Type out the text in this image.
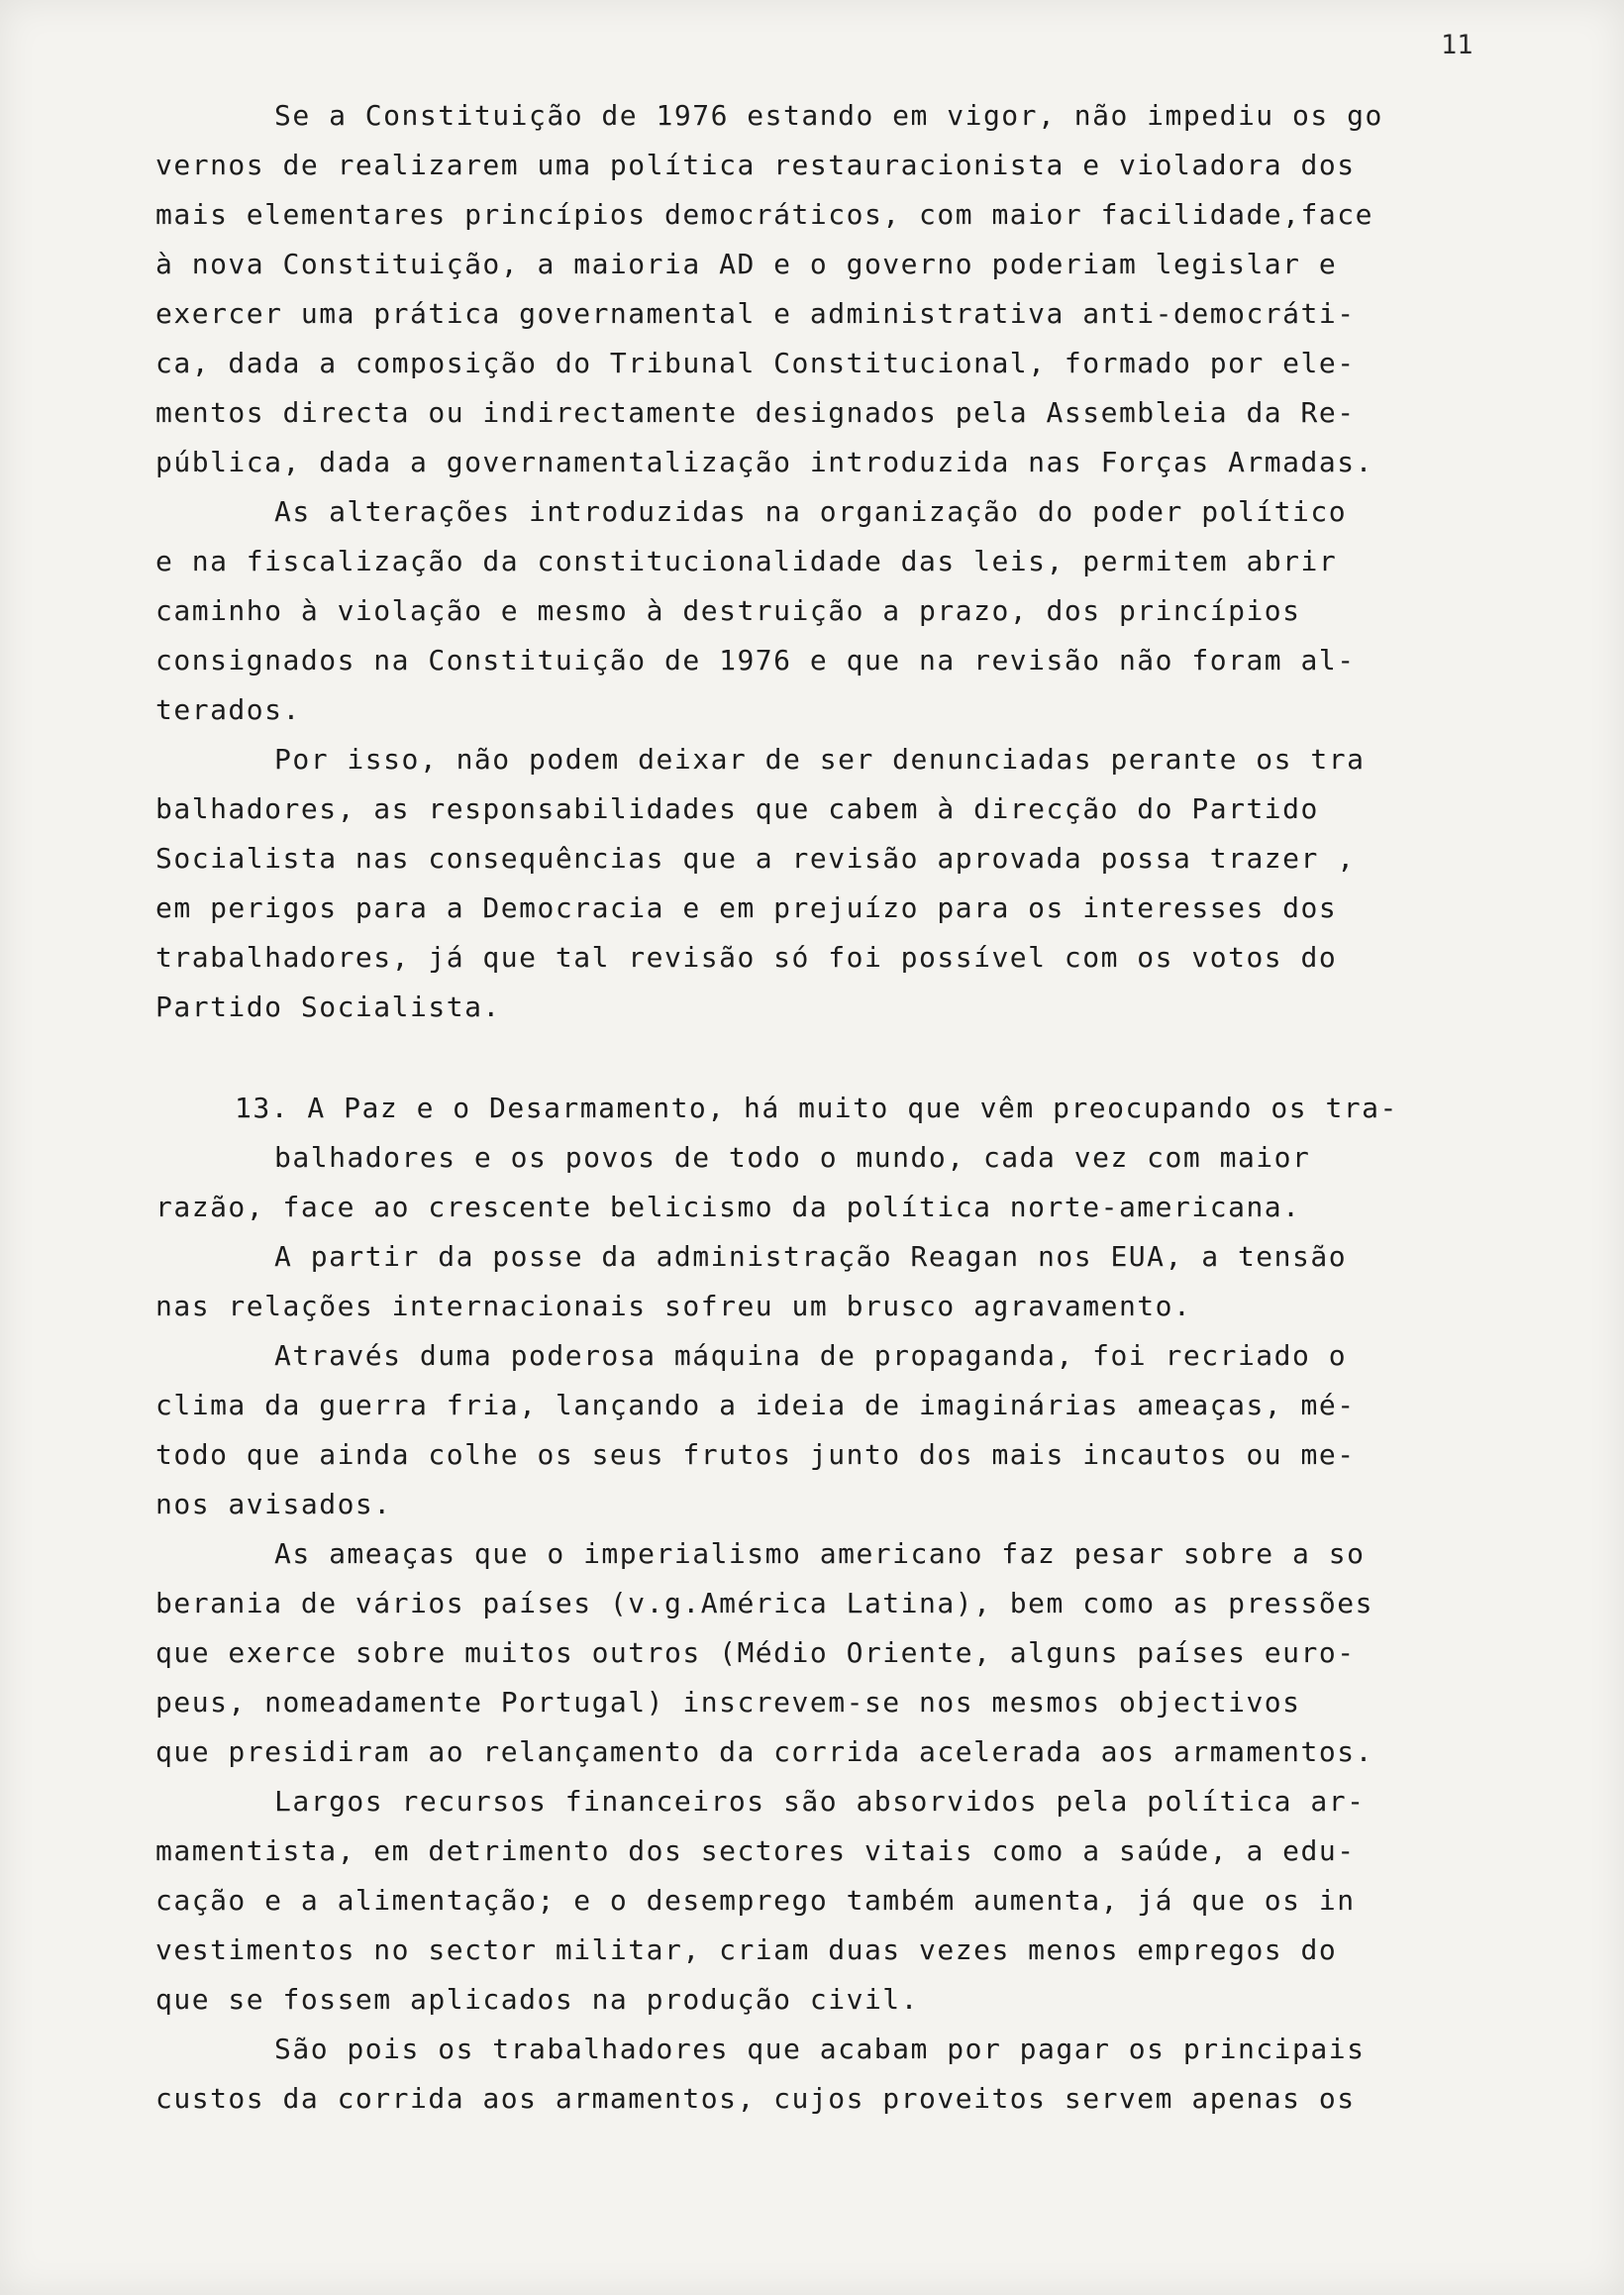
11
Se a Constituição de 1976 estando em vigor, não impediu os go
vernos de realizarem uma política restauracionista e violadora dos
mais elementares princípios democráticos, com maior facilidade,face
à nova Constituição, a maioria AD e o governo poderiam legislar e
exercer uma prática governamental e administrativa anti-democráti-
ca, dada a composição do Tribunal Constitucional, formado por ele-
mentos directa ou indirectamente designados pela Assembleia da Re-
pública, dada a governamentalização introduzida nas Forças Armadas.
As alterações introduzidas na organização do poder político
e na fiscalização da constitucionalidade das leis, permitem abrir
caminho à violação e mesmo à destruição a prazo, dos princípios
consignados na Constituição de 1976 e que na revisão não foram al-
terados.
Por isso, não podem deixar de ser denunciadas perante os tra
balhadores, as responsabilidades que cabem à direcção do Partido
Socialista nas consequências que a revisão aprovada possa trazer ,
em perigos para a Democracia e em prejuízo para os interesses dos
trabalhadores, já que tal revisão só foi possível com os votos do
Partido Socialista.
13. A Paz e o Desarmamento, há muito que vêm preocupando os tra-
balhadores e os povos de todo o mundo, cada vez com maior
razão, face ao crescente belicismo da política norte-americana.
A partir da posse da administração Reagan nos EUA, a tensão
nas relações internacionais sofreu um brusco agravamento.
Através duma poderosa máquina de propaganda, foi recriado o
clima da guerra fria, lançando a ideia de imaginárias ameaças, mé-
todo que ainda colhe os seus frutos junto dos mais incautos ou me-
nos avisados.
As ameaças que o imperialismo americano faz pesar sobre a so
berania de vários países (v.g.América Latina), bem como as pressões
que exerce sobre muitos outros (Médio Oriente, alguns países euro-
peus, nomeadamente Portugal) inscrevem-se nos mesmos objectivos
que presidiram ao relançamento da corrida acelerada aos armamentos.
Largos recursos financeiros são absorvidos pela política ar-
mamentista, em detrimento dos sectores vitais como a saúde, a edu-
cação e a alimentação; e o desemprego também aumenta, já que os in
vestimentos no sector militar, criam duas vezes menos empregos do
que se fossem aplicados na produção civil.
São pois os trabalhadores que acabam por pagar os principais
custos da corrida aos armamentos, cujos proveitos servem apenas os
